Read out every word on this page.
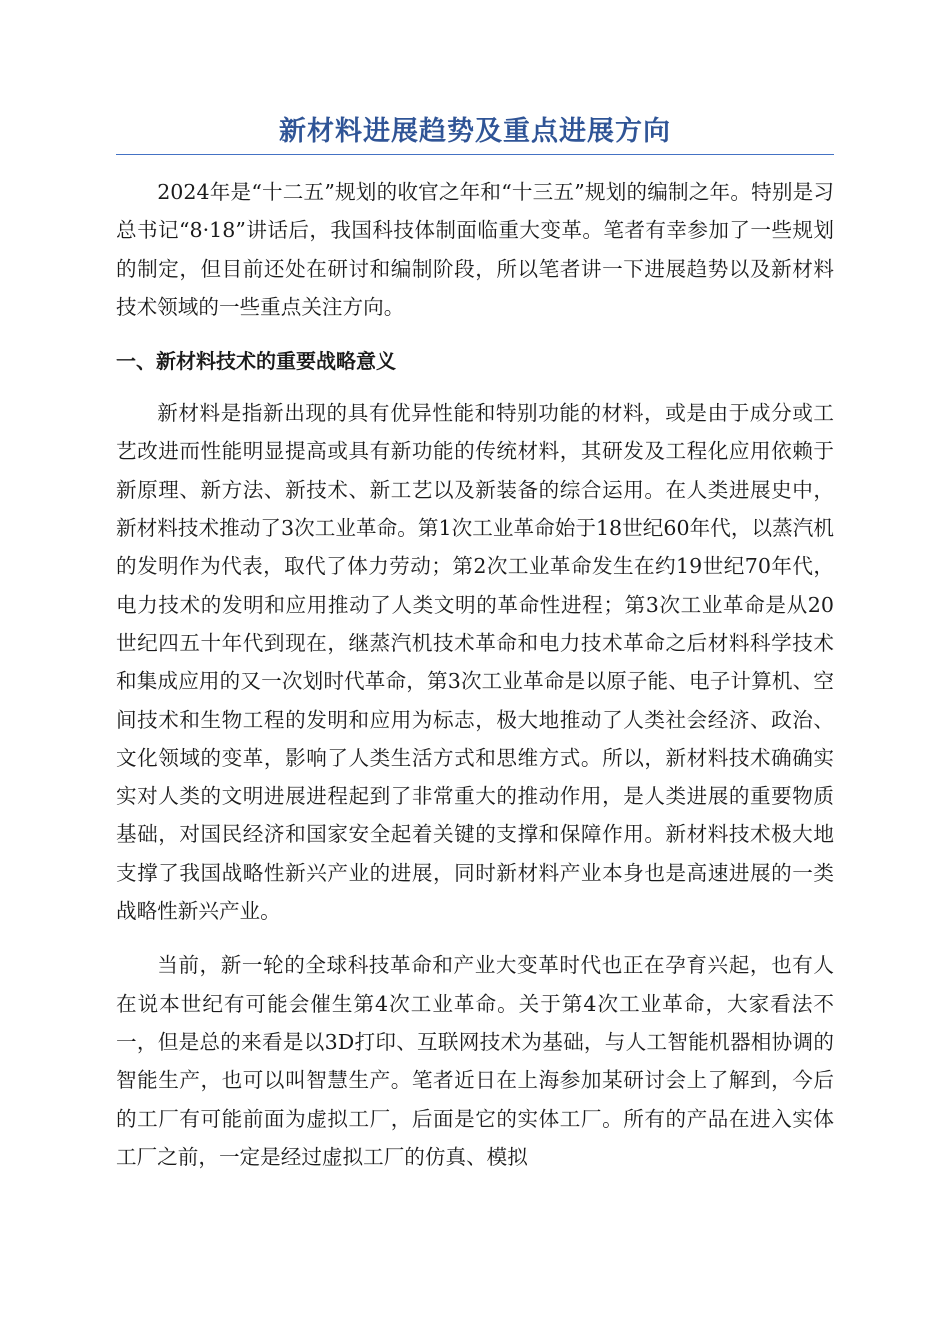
新材料进展趋势及重点进展方向

2024年是“十二五”规划的收官之年和“十三五”规划的编制之年。特别是习总书记“8·18”讲话后，我国科技体制面临重大变革。笔者有幸参加了一些规划的制定，但目前还处在研讨和编制阶段，所以笔者讲一下进展趋势以及新材料技术领域的一些重点关注方向。

一、新材料技术的重要战略意义

新材料是指新出现的具有优异性能和特别功能的材料，或是由于成分或工艺改进而性能明显提高或具有新功能的传统材料，其研发及工程化应用依赖于新原理、新方法、新技术、新工艺以及新装备的综合运用。在人类进展史中，新材料技术推动了3次工业革命。第1次工业革命始于18世纪60年代，以蒸汽机的发明作为代表，取代了体力劳动；第2次工业革命发生在约19世纪70年代，电力技术的发明和应用推动了人类文明的革命性进程；第3次工业革命是从20世纪四五十年代到现在，继蒸汽机技术革命和电力技术革命之后材料科学技术和集成应用的又一次划时代革命，第3次工业革命是以原子能、电子计算机、空间技术和生物工程的发明和应用为标志，极大地推动了人类社会经济、政治、文化领域的变革，影响了人类生活方式和思维方式。所以，新材料技术确确实实对人类的文明进展进程起到了非常重大的推动作用，是人类进展的重要物质基础，对国民经济和国家安全起着关键的支撑和保障作用。新材料技术极大地支撑了我国战略性新兴产业的进展，同时新材料产业本身也是高速进展的一类战略性新兴产业。

当前，新一轮的全球科技革命和产业大变革时代也正在孕育兴起，也有人在说本世纪有可能会催生第4次工业革命。关于第4次工业革命，大家看法不一，但是总的来看是以3D打印、互联网技术为基础，与人工智能机器相协调的智能生产，也可以叫智慧生产。笔者近日在上海参加某研讨会上了解到，今后的工厂有可能前面为虚拟工厂，后面是它的实体工厂。所有的产品在进入实体工厂之前，一定是经过虚拟工厂的仿真、模拟
